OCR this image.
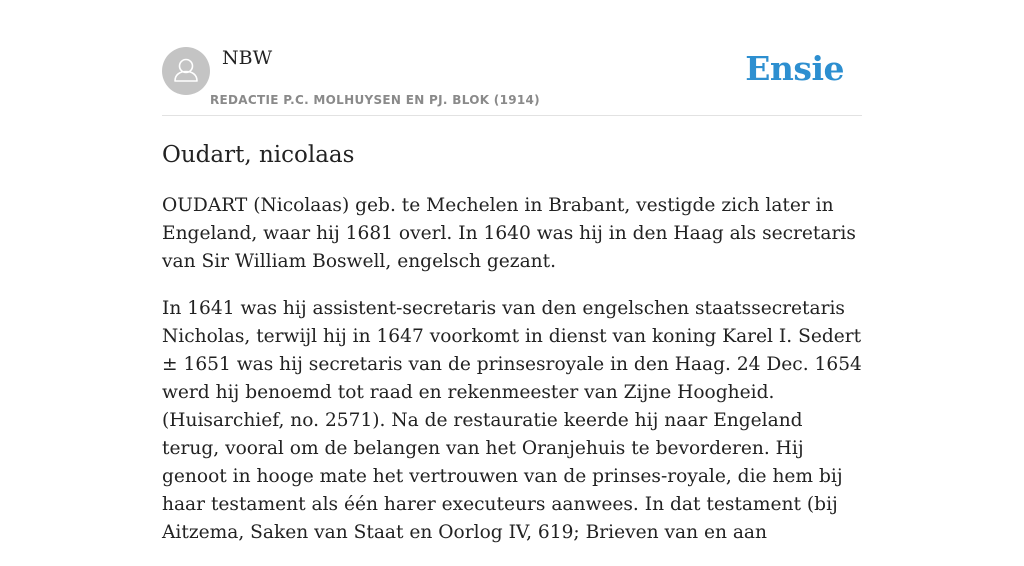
NBW
REDACTIE P.C. MOLHUYSEN EN PJ. BLOK (1914)
Ensie
Oudart, nicolaas

OUDART (Nicolaas) geb. te Mechelen in Brabant, vestigde zich later in Engeland, waar hij 1681 overl. In 1640 was hij in den Haag als secretaris van Sir William Boswell, engelsch gezant.

In 1641 was hij assistent-secretaris van den engelschen staatssecretaris Nicholas, terwijl hij in 1647 voorkomt in dienst van koning Karel I. Sedert ± 1651 was hij secretaris van de prinsesroyale in den Haag. 24 Dec. 1654 werd hij benoemd tot raad en rekenmeester van Zijne Hoogheid. (Huisarchief, no. 2571). Na de restauratie keerde hij naar Engeland terug, vooral om de belangen van het Oranjehuis te bevorderen. Hij genoot in hooge mate het vertrouwen van de prinses-royale, die hem bij haar testament als één harer executeurs aanwees. In dat testament (bij Aitzema, Saken van Staat en Oorlog IV, 619; Brieven van en aan
